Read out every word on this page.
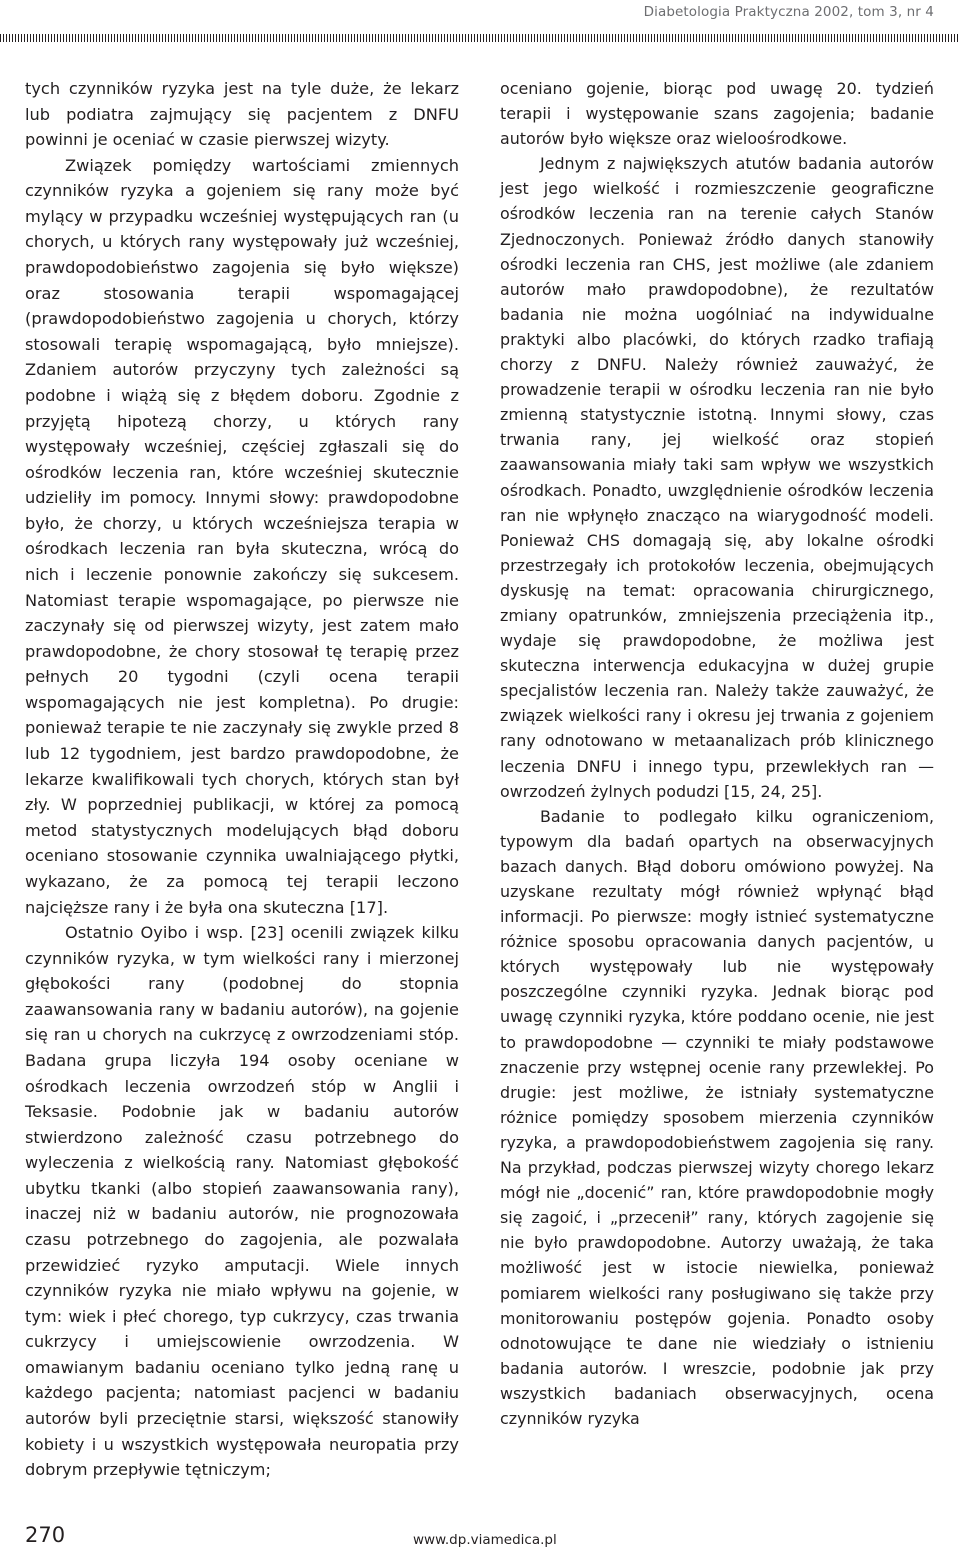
Diabetologia Praktyczna 2002, tom 3, nr 4

tych czynników ryzyka jest na tyle duże, że lekarz lub podiatra zajmujący się pacjentem z DNFU powinni je oceniać w czasie pierwszej wizyty.

Związek pomiędzy wartościami zmiennych czynników ryzyka a gojeniem się rany może być mylący w przypadku wcześniej występujących ran (u chorych, u których rany występowały już wcześniej, prawdopodobieństwo zagojenia się było większe) oraz stosowania terapii wspomagającej (prawdopodobieństwo zagojenia u chorych, którzy stosowali terapię wspomagającą, było mniejsze). Zdaniem autorów przyczyny tych zależności są podobne i wiążą się z błędem doboru. Zgodnie z przyjętą hipotezą chorzy, u których rany występowały wcześniej, częściej zgłaszali się do ośrodków leczenia ran, które wcześniej skutecznie udzieliły im pomocy. Innymi słowy: prawdopodobne było, że chorzy, u których wcześniejsza terapia w ośrodkach leczenia ran była skuteczna, wrócą do nich i leczenie ponownie zakończy się sukcesem. Natomiast terapie wspomagające, po pierwsze nie zaczynały się od pierwszej wizyty, jest zatem mało prawdopodobne, że chory stosował tę terapię przez pełnych 20 tygodni (czyli ocena terapii wspomagających nie jest kompletna). Po drugie: ponieważ terapie te nie zaczynały się zwykle przed 8 lub 12 tygodniem, jest bardzo prawdopodobne, że lekarze kwalifikowali tych chorych, których stan był zły. W poprzedniej publikacji, w której za pomocą metod statystycznych modelujących błąd doboru oceniano stosowanie czynnika uwalniającego płytki, wykazano, że za pomocą tej terapii leczono najcięższe rany i że była ona skuteczna [17].

Ostatnio Oyibo i wsp. [23] ocenili związek kilku czynników ryzyka, w tym wielkości rany i mierzonej głębokości rany (podobnej do stopnia zaawansowania rany w badaniu autorów), na gojenie się ran u chorych na cukrzycę z owrzodzeniami stóp. Badana grupa liczyła 194 osoby oceniane w ośrodkach leczenia owrzodzeń stóp w Anglii i Teksasie. Podobnie jak w badaniu autorów stwierdzono zależność czasu potrzebnego do wyleczenia z wielkością rany. Natomiast głębokość ubytku tkanki (albo stopień zaawansowania rany), inaczej niż w badaniu autorów, nie prognozowała czasu potrzebnego do zagojenia, ale pozwalała przewidzieć ryzyko amputacji. Wiele innych czynników ryzyka nie miało wpływu na gojenie, w tym: wiek i płeć chorego, typ cukrzycy, czas trwania cukrzycy i umiejscowienie owrzodzenia. W omawianym badaniu oceniano tylko jedną ranę u każdego pacjenta; natomiast pacjenci w badaniu autorów byli przeciętnie starsi, większość stanowiły kobiety i u wszystkich występowała neuropatia przy dobrym przepływie tętniczym;

oceniano gojenie, biorąc pod uwagę 20. tydzień terapii i występowanie szans zagojenia; badanie autorów było większe oraz wieloośrodkowe.

Jednym z największych atutów badania autorów jest jego wielkość i rozmieszczenie geograficzne ośrodków leczenia ran na terenie całych Stanów Zjednoczonych. Ponieważ źródło danych stanowiły ośrodki leczenia ran CHS, jest możliwe (ale zdaniem autorów mało prawdopodobne), że rezultatów badania nie można uogólniać na indywidualne praktyki albo placówki, do których rzadko trafiają chorzy z DNFU. Należy również zauważyć, że prowadzenie terapii w ośrodku leczenia ran nie było zmienną statystycznie istotną. Innymi słowy, czas trwania rany, jej wielkość oraz stopień zaawansowania miały taki sam wpływ we wszystkich ośrodkach. Ponadto, uwzględnienie ośrodków leczenia ran nie wpłynęło znacząco na wiarygodność modeli. Ponieważ CHS domagają się, aby lokalne ośrodki przestrzegały ich protokołów leczenia, obejmujących dyskusję na temat: opracowania chirurgicznego, zmiany opatrunków, zmniejszenia przeciążenia itp., wydaje się prawdopodobne, że możliwa jest skuteczna interwencja edukacyjna w dużej grupie specjalistów leczenia ran. Należy także zauważyć, że związek wielkości rany i okresu jej trwania z gojeniem rany odnotowano w metaanalizach prób klinicznego leczenia DNFU i innego typu, przewlekłych ran — owrzodzeń żylnych podudzi [15, 24, 25].

Badanie to podlegało kilku ograniczeniom, typowym dla badań opartych na obserwacyjnych bazach danych. Błąd doboru omówiono powyżej. Na uzyskane rezultaty mógł również wpłynąć błąd informacji. Po pierwsze: mogły istnieć systematyczne różnice sposobu opracowania danych pacjentów, u których występowały lub nie występowały poszczególne czynniki ryzyka. Jednak biorąc pod uwagę czynniki ryzyka, które poddano ocenie, nie jest to prawdopodobne — czynniki te miały podstawowe znaczenie przy wstępnej ocenie rany przewlekłej. Po drugie: jest możliwe, że istniały systematyczne różnice pomiędzy sposobem mierzenia czynników ryzyka, a prawdopodobieństwem zagojenia się rany. Na przykład, podczas pierwszej wizyty chorego lekarz mógł nie „docenić” ran, które prawdopodobnie mogły się zagoić, i „przecenił” rany, których zagojenie się nie było prawdopodobne. Autorzy uważają, że taka możliwość jest w istocie niewielka, ponieważ pomiarem wielkości rany posługiwano się także przy monitorowaniu postępów gojenia. Ponadto osoby odnotowujące te dane nie wiedziały o istnieniu badania autorów. I wreszcie, podobnie jak przy wszystkich badaniach obserwacyjnych, ocena czynników ryzyka

270	www.dp.viamedica.pl
